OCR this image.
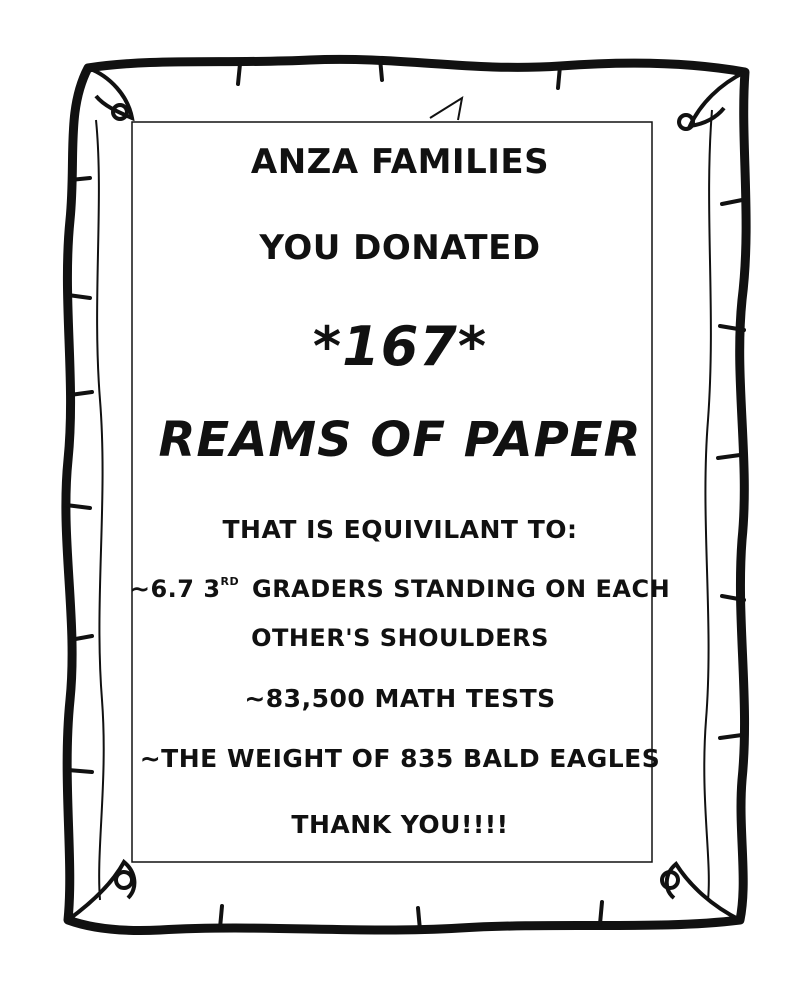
ANZA FAMILIES
YOU DONATED
*167*
REAMS OF PAPER
THAT IS EQUIVILANT TO:
~6.7 3RD GRADERS STANDING ON EACH
OTHER'S SHOULDERS
~83,500 MATH TESTS
~THE WEIGHT OF 835 BALD EAGLES
THANK YOU!!!!
